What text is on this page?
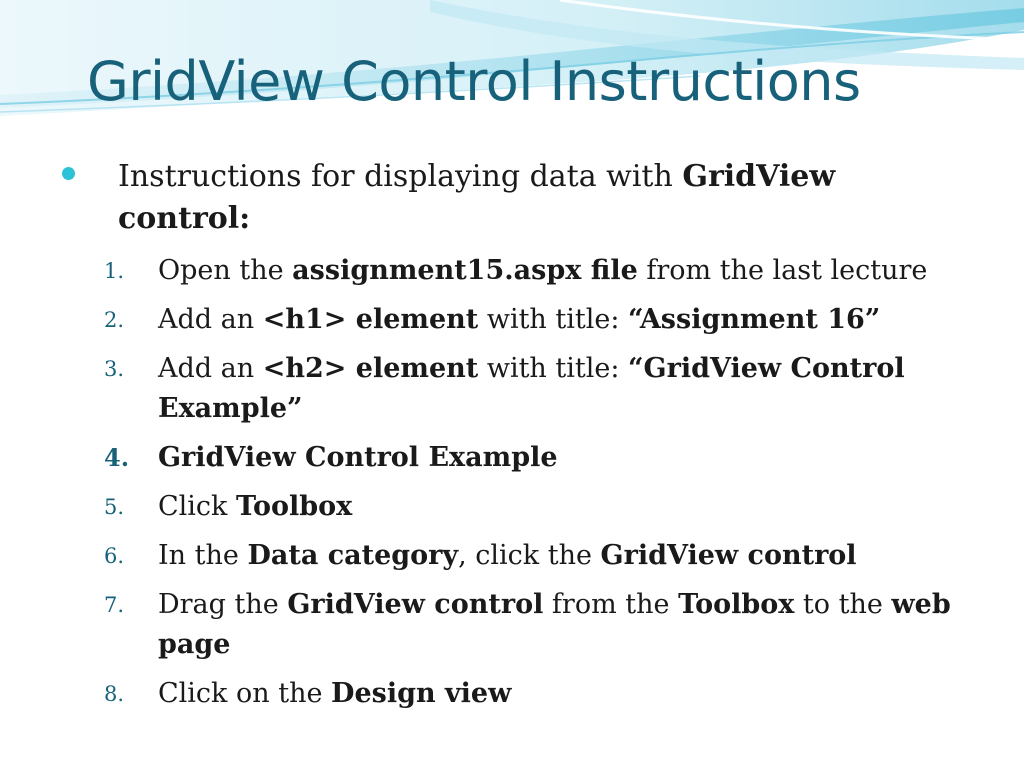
GridView Control Instructions
Instructions for displaying data with GridView control:
1. Open the assignment15.aspx file from the last lecture
2. Add an <h1> element with title: “Assignment 16”
3. Add an <h2> element with title: “GridView Control Example”
4. GridView Control Example
5. Click Toolbox
6. In the Data category, click the GridView control
7. Drag the GridView control from the Toolbox to the web page
8. Click on the Design view
